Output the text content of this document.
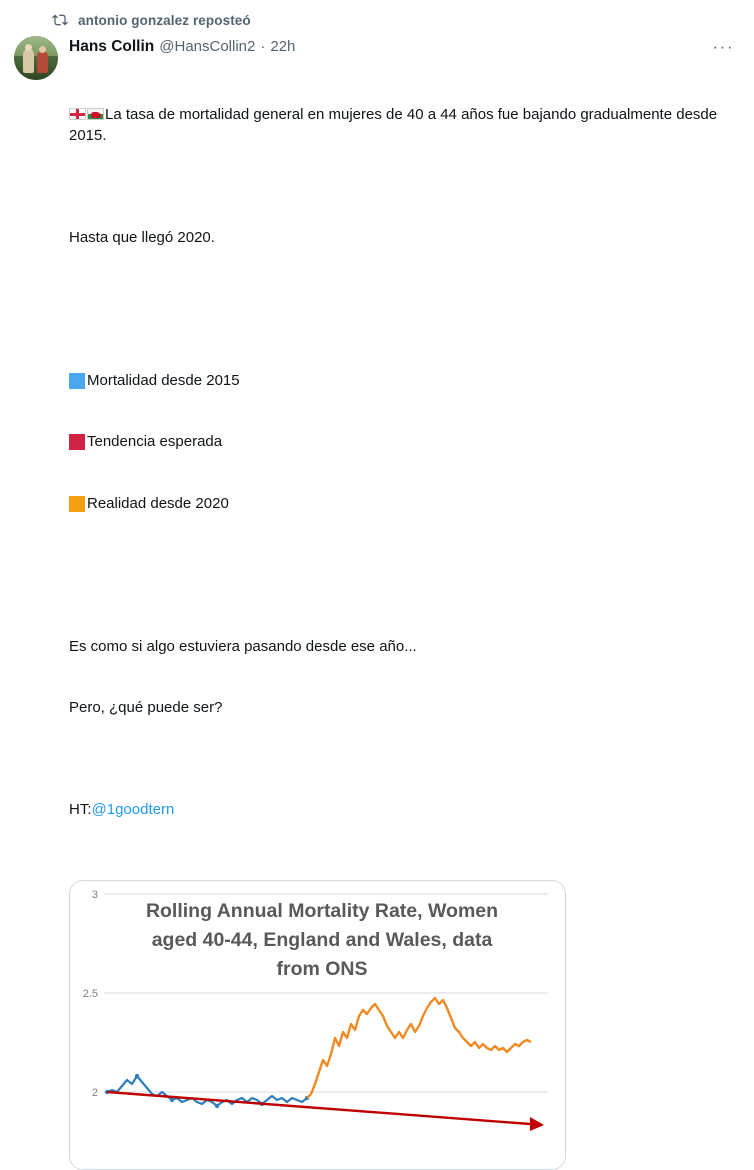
antonio gonzalez reposteó
···
Hans Collin @HansCollin2 · 22h

La tasa de mortalidad general en mujeres de 40 a 44 años fue bajando gradualmente desde 2015.

Hasta que llegó 2020.

Mortalidad desde 2015

Tendencia esperada

Realidad desde 2020

Es como si algo estuviera pasando desde ese año...

Pero, ¿qué puede ser?

HT:@1goodtern

3
2.5
2
Rolling Annual Mortality Rate, Women
aged 40-44, England and Wales, data
from ONS
